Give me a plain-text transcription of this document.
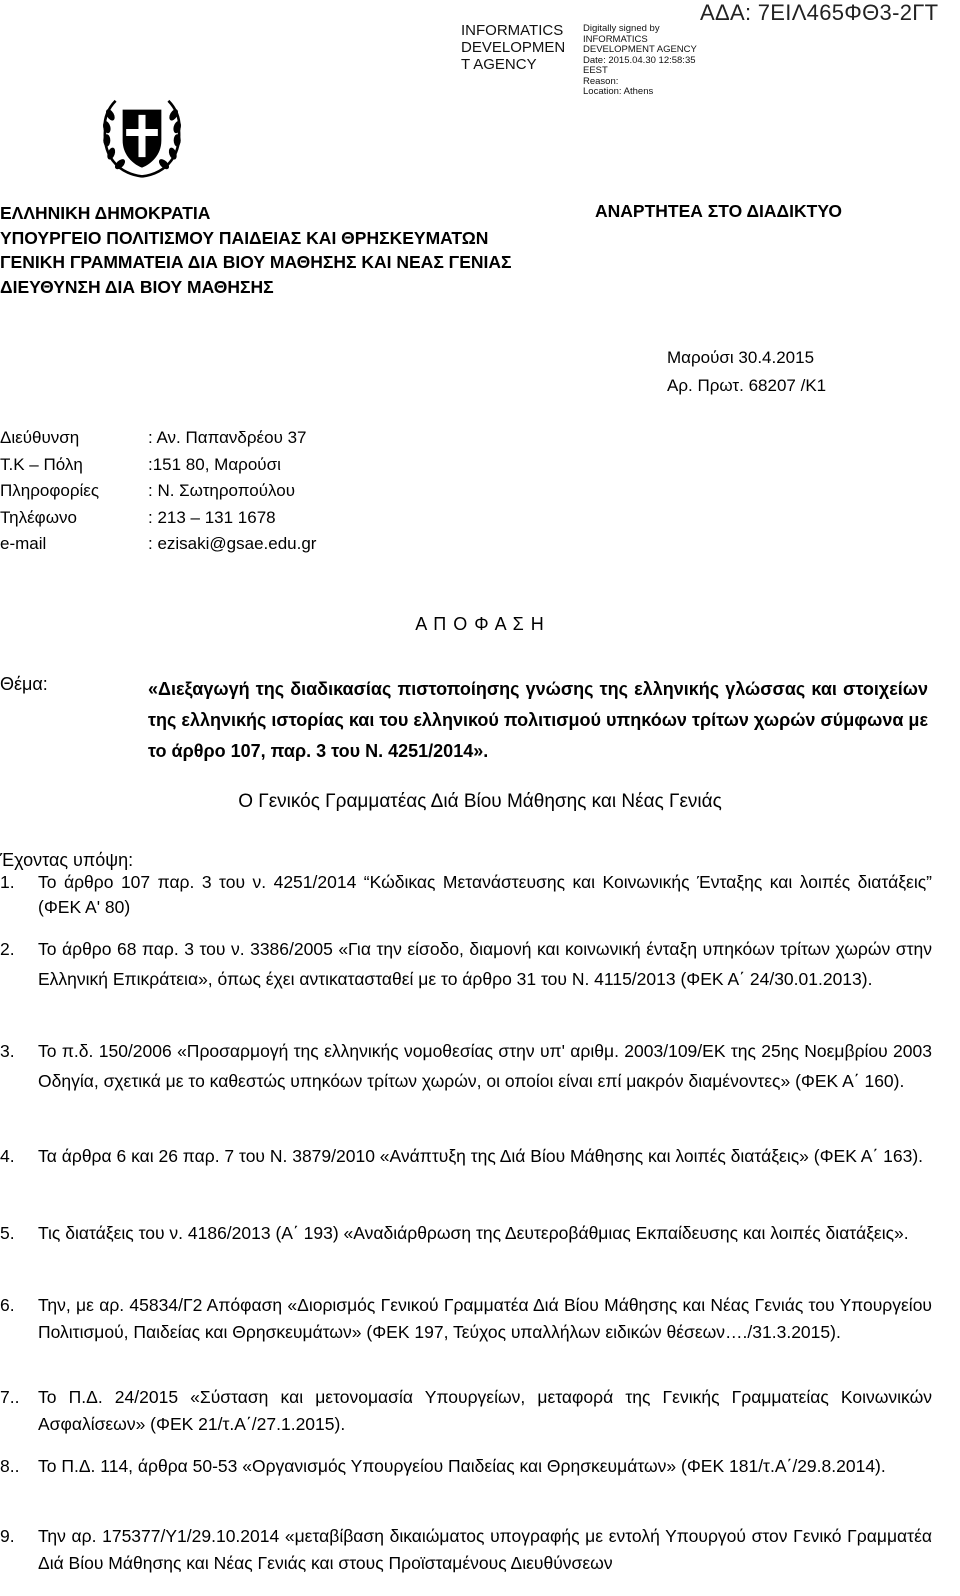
INFORMATICS
DEVELOPMEN
T AGENCY
Digitally signed by
INFORMATICS
DEVELOPMENT AGENCY
Date: 2015.04.30 12:58:35
EEST
Reason:
Location: Athens
ΑΔΑ: 7ΕΙΛ465ΦΘ3-2ΓΤ
ΕΛΛΗΝΙΚΗ ΔΗΜΟΚΡΑΤΙΑ
ΥΠΟΥΡΓΕΙΟ ΠΟΛΙΤΙΣΜΟΥ ΠΑΙΔΕΙΑΣ ΚΑΙ ΘΡΗΣΚΕΥΜΑΤΩΝ
ΓΕΝΙΚΗ ΓΡΑΜΜΑΤΕΙΑ ΔΙΑ ΒΙΟΥ ΜΑΘΗΣΗΣ ΚΑΙ ΝΕΑΣ ΓΕΝΙΑΣ
ΔΙΕΥΘΥΝΣΗ ΔΙΑ ΒΙΟΥ ΜΑΘΗΣΗΣ
ΑΝΑΡΤΗΤΕΑ ΣΤΟ ΔΙΑΔΙΚΤΥΟ
Μαρούσι 30.4.2015
Αρ. Πρωτ. 68207 /Κ1
Διεύθυνση	: Αν. Παπανδρέου 37
Τ.Κ – Πόλη	:151 80, Μαρούσι
Πληροφορίες	: Ν. Σωτηροπούλου
Τηλέφωνο	: 213 – 131 1678
e-mail	: ezisaki@gsae.edu.gr
Α Π Ο Φ Α Σ Η
Θέμα:	«Διεξαγωγή της διαδικασίας πιστοποίησης γνώσης της ελληνικής γλώσσας και στοιχείων της ελληνικής ιστορίας και του ελληνικού πολιτισμού υπηκόων τρίτων χωρών σύμφωνα με το άρθρο 107, παρ. 3 του Ν. 4251/2014».
Ο Γενικός Γραμματέας Διά Βίου Μάθησης και Νέας Γενιάς
Έχοντας υπόψη:
1. Το άρθρο 107 παρ. 3 του ν. 4251/2014 “Κώδικας Μετανάστευσης και Κοινωνικής Ένταξης και λοιπές διατάξεις” (ΦΕΚ Α' 80)
2. Το άρθρο 68 παρ. 3 του ν. 3386/2005 «Για την είσοδο, διαμονή και κοινωνική ένταξη υπηκόων τρίτων χωρών στην Ελληνική Επικράτεια», όπως έχει αντικατασταθεί με το άρθρο 31 του Ν. 4115/2013 (ΦΕΚ Α΄ 24/30.01.2013).
3. Το π.δ. 150/2006 «Προσαρμογή της ελληνικής νομοθεσίας στην υπ' αριθμ. 2003/109/ΕΚ της 25ης Νοεμβρίου 2003 Οδηγία, σχετικά με το καθεστώς υπηκόων τρίτων χωρών, οι οποίοι είναι επί μακρόν διαμένοντες» (ΦΕΚ Α΄ 160).
4. Τα άρθρα 6 και 26 παρ. 7 του Ν. 3879/2010 «Ανάπτυξη της Διά Βίου Μάθησης και λοιπές διατάξεις» (ΦΕΚ Α΄ 163).
5. Τις διατάξεις του ν. 4186/2013 (Α΄ 193) «Αναδιάρθρωση της Δευτεροβάθμιας Εκπαίδευσης και λοιπές διατάξεις».
6. Την, με αρ. 45834/Γ2 Απόφαση «Διορισμός Γενικού Γραμματέα Διά Βίου Μάθησης και Νέας Γενιάς του Υπουργείου Πολιτισμού, Παιδείας και Θρησκευμάτων» (ΦΕΚ 197, Τεύχος υπαλλήλων ειδικών θέσεων…./31.3.2015).
7.. Το Π.Δ. 24/2015 «Σύσταση και μετονομασία Υπουργείων, μεταφορά της Γενικής Γραμματείας Κοινωνικών Ασφαλίσεων» (ΦΕΚ 21/τ.Α΄/27.1.2015).
8.. Το Π.Δ. 114, άρθρα 50-53 «Οργανισμός Υπουργείου Παιδείας και Θρησκευμάτων» (ΦΕΚ 181/τ.Α΄/29.8.2014).
9. Την αρ. 175377/Υ1/29.10.2014 «μεταβίβαση δικαιώματος υπογραφής με εντολή Υπουργού στον Γενικό Γραμματέα Διά Βίου Μάθησης και Νέας Γενιάς και στους Προϊσταμένους Διευθύνσεων
